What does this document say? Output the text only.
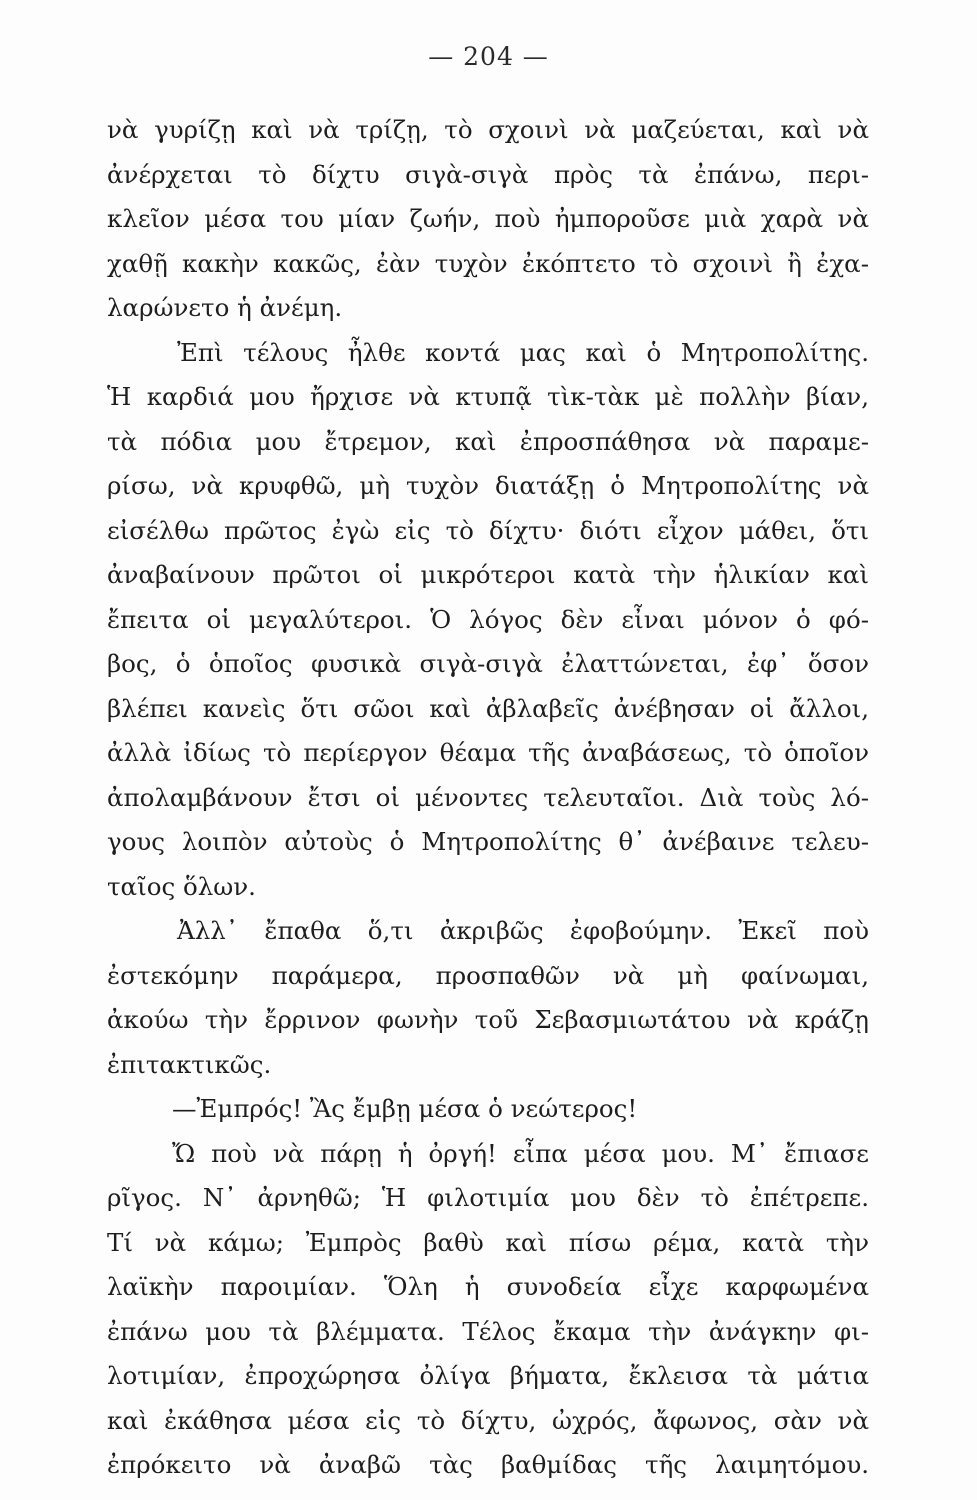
— 204 —
νὰ γυρίζῃ καὶ νὰ τρίζῃ, τὸ σχοινὶ νὰ μαζεύεται, καὶ νὰ
ἀνέρχεται τὸ δίχτυ σιγὰ-σιγὰ πρὸς τὰ ἐπάνω, περι-
κλεῖον μέσα του μίαν ζωήν, ποὺ ἠμποροῦσε μιὰ χαρὰ νὰ
χαθῇ κακὴν κακῶς, ἐὰν τυχὸν ἐκόπτετο τὸ σχοινὶ ἢ ἐχα-
λαρώνετο ἡ ἀνέμη.
Ἐπὶ τέλους ἦλθε κοντά μας καὶ ὁ Μητροπολίτης.
Ἡ καρδιά μου ἤρχισε νὰ κτυπᾷ τὶκ-τὰκ μὲ πολλὴν βίαν,
τὰ πόδια μου ἔτρεμον, καὶ ἐπροσπάθησα νὰ παραμε-
ρίσω, νὰ κρυφθῶ, μὴ τυχὸν διατάξῃ ὁ Μητροπολίτης νὰ
εἰσέλθω πρῶτος ἐγὼ εἰς τὸ δίχτυ· διότι εἶχον μάθει, ὅτι
ἀναβαίνουν πρῶτοι οἱ μικρότεροι κατὰ τὴν ἡλικίαν καὶ
ἔπειτα οἱ μεγαλύτεροι. Ὁ λόγος δὲν εἶναι μόνον ὁ φό-
βος, ὁ ὁποῖος φυσικὰ σιγὰ-σιγὰ ἐλαττώνεται, ἐφ᾽ ὅσον
βλέπει κανεὶς ὅτι σῶοι καὶ ἀβλαβεῖς ἀνέβησαν οἱ ἄλλοι,
ἀλλὰ ἰδίως τὸ περίεργον θέαμα τῆς ἀναβάσεως, τὸ ὁποῖον
ἀπολαμβάνουν ἔτσι οἱ μένοντες τελευταῖοι. Διὰ τοὺς λό-
γους λοιπὸν αὐτοὺς ὁ Μητροπολίτης θ᾽ ἀνέβαινε τελευ-
ταῖος ὅλων.
Ἀλλ᾽ ἔπαθα ὅ,τι ἀκριβῶς ἐφοβούμην. Ἐκεῖ ποὺ
ἐστεκόμην παράμερα, προσπαθῶν νὰ μὴ φαίνωμαι,
ἀκούω τὴν ἔρρινον φωνὴν τοῦ Σεβασμιωτάτου νὰ κράζῃ
ἐπιτακτικῶς.
—Ἐμπρός! Ἂς ἔμβῃ μέσα ὁ νεώτερος!
Ὤ ποὺ νὰ πάρῃ ἡ ὀργή! εἶπα μέσα μου. Μ᾽ ἔπιασε
ρῖγος. Ν᾽ ἀρνηθῶ; Ἡ φιλοτιμία μου δὲν τὸ ἐπέτρεπε.
Τί νὰ κάμω; Ἐμπρὸς βαθὺ καὶ πίσω ρέμα, κατὰ τὴν
λαϊκὴν παροιμίαν. Ὅλη ἡ συνοδεία εἶχε καρφωμένα
ἐπάνω μου τὰ βλέμματα. Τέλος ἔκαμα τὴν ἀνάγκην φι-
λοτιμίαν, ἐπροχώρησα ὀλίγα βήματα, ἔκλεισα τὰ μάτια
καὶ ἐκάθησα μέσα εἰς τὸ δίχτυ, ὠχρός, ἄφωνος, σὰν νὰ
ἐπρόκειτο νὰ ἀναβῶ τὰς βαθμίδας τῆς λαιμητόμου.
